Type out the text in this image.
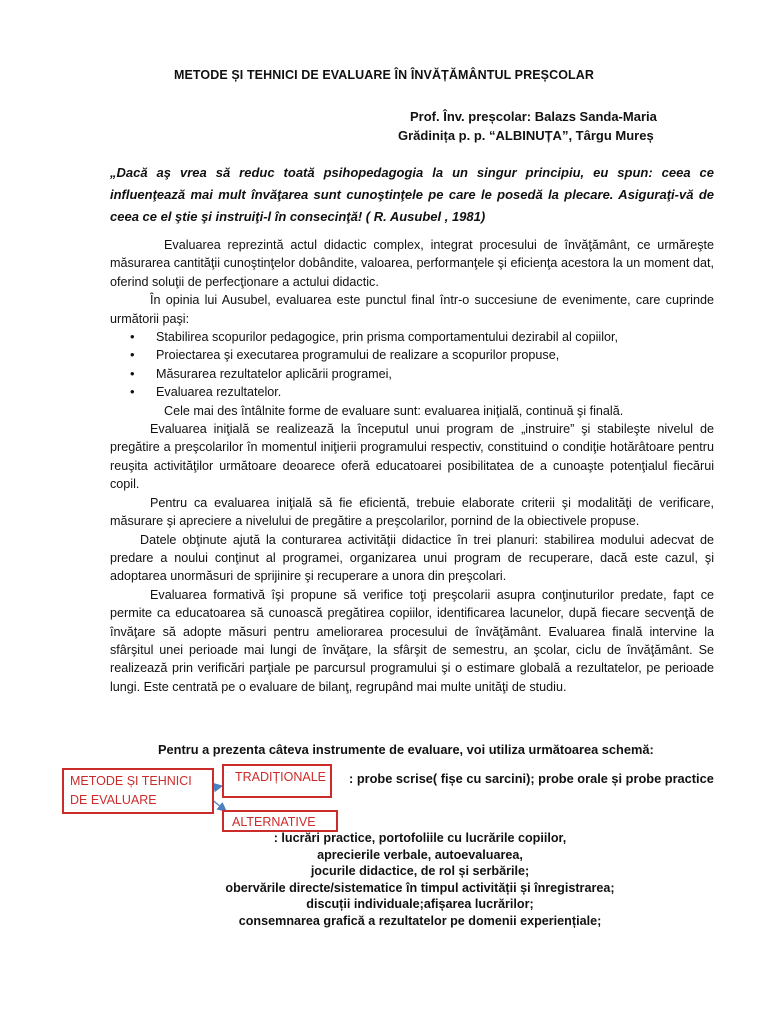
METODE ȘI TEHNICI DE EVALUARE ÎN ÎNVĂȚĂMÂNTUL PREȘCOLAR
Prof. Înv. preșcolar: Balazs Sanda-Maria
Grădinița p. p. “ALBINUȚA”, Târgu Mureș
„Dacă aş vrea să reduc toată psihopedagogia la un singur principiu, eu spun: ceea ce influenţează mai mult învăţarea sunt cunoştinţele pe care le posedă la plecare. Asiguraţi-vă de ceea ce el ştie şi instruiţi-l în consecinţă! ( R. Ausubel , 1981)

Evaluarea reprezintă actul didactic complex, integrat procesului de învăţământ, ce urmăreşte măsurarea cantităţii cunoştinţelor dobândite, valoarea, performanţele şi eficienţa acestora la un moment dat, oferind soluţii de perfecţionare a actului didactic.

În opinia lui Ausubel, evaluarea este punctul final într-o succesiune de evenimente, care cuprinde următorii paşi:

• Stabilirea scopurilor pedagogice, prin prisma comportamentului dezirabil al copiilor,
• Proiectarea şi executarea programului de realizare a scopurilor propuse,
• Măsurarea rezultatelor aplicării programei,
• Evaluarea rezultatelor.

Cele mai des întâlnite forme de evaluare sunt: evaluarea iniţială, continuă şi finală.

Evaluarea iniţială se realizează la începutul unui program de „instruire” şi stabileşte nivelul de pregătire a preşcolarilor în momentul iniţierii programului respectiv, constituind o condiţie hotărâtoare pentru reuşita activităţilor următoare deoarece oferă educatoarei posibilitatea de a cunoaşte potenţialul fiecărui copil.

Pentru ca evaluarea iniţială să fie eficientă, trebuie elaborate criterii şi modalităţi de verificare, măsurare şi apreciere a nivelului de pregătire a preşcolarilor, pornind de la obiectivele propuse.

Datele obţinute ajută la conturarea activităţii didactice în trei planuri: stabilirea modului adecvat de predare a noului conţinut al programei, organizarea unui program de recuperare, dacă este cazul, şi adoptarea unormăsuri de sprijinire şi recuperare a unora din preşcolari.

Evaluarea formativă îşi propune să verifice toţi preşcolarii asupra conţinuturilor predate, fapt ce permite ca educatoarea să cunoască pregătirea copiilor, identificarea lacunelor, după fiecare secvenţă de învăţare să adopte măsuri pentru ameliorarea procesului de învăţământ. Evaluarea finală intervine la sfârşitul unei perioade mai lungi de învăţare, la sfârşit de semestru, an şcolar, ciclu de învăţământ. Se realizează prin verificări parţiale pe parcursul programului şi o estimare globală a rezultatelor, pe perioade lungi. Este centrată pe o evaluare de bilanţ, regrupând mai multe unităţi de studiu.

Pentru a prezenta câteva instrumente de evaluare, voi utiliza următoarea schemă:
METODE ȘI TEHNICI
DE EVALUARE
TRADIȚIONALE	: probe scrise( fișe cu sarcini); probe orale și probe practice
ALTERNATIVE
: lucrări practice, portofoliile cu lucrările copiilor,
aprecierile verbale, autoevaluarea,
jocurile didactice, de rol și serbările;
obervările directe/sistematice în timpul activității și înregistrarea;
discuții individuale;afișarea lucrărilor;
consemnarea grafică a rezultatelor pe domenii experiențiale;
